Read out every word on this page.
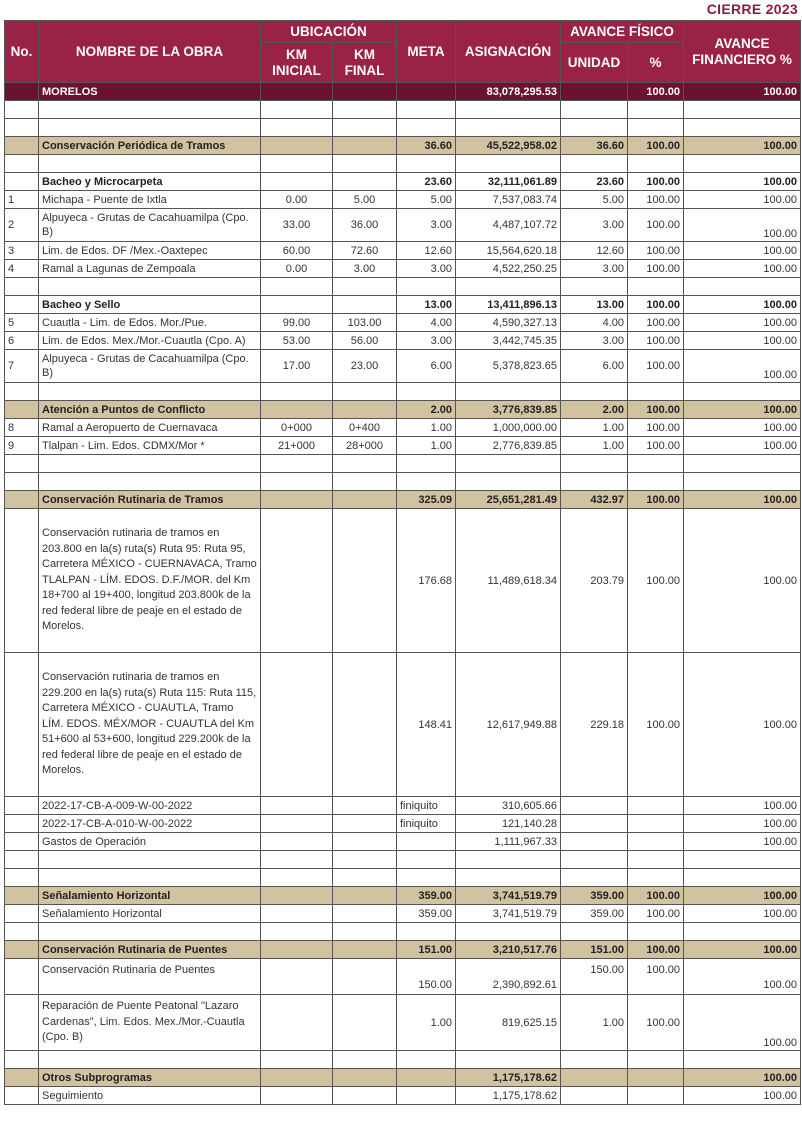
CIERRE 2023
No.	NOMBRE DE LA OBRA	UBICACIÓN		META	ASIGNACIÓN	AVANCE FÍSICO		AVANCE FINANCIERO %
		KM INICIAL	KM FINAL			UNIDAD	%	

	MORELOS				83,078,295.53		100.00	100.00

	Conservación Periódica de Tramos			36.60	45,522,958.02	36.60	100.00	100.00

	Bacheo y Microcarpeta			23.60	32,111,061.89	23.60	100.00	100.00
1	Michapa - Puente de Ixtla	0.00	5.00	5.00	7,537,083.74	5.00	100.00	100.00
2	Alpuyeca - Grutas de Cacahuamilpa (Cpo. B)	33.00	36.00	3.00	4,487,107.72	3.00	100.00	100.00
3	Lim. de Edos. DF /Mex.-Oaxtepec	60.00	72.60	12.60	15,564,620.18	12.60	100.00	100.00
4	Ramal a Lagunas de Zempoala	0.00	3.00	3.00	4,522,250.25	3.00	100.00	100.00

	Bacheo y Sello			13.00	13,411,896.13	13.00	100.00	100.00
5	Cuautla - Lim. de Edos. Mor./Pue.	99.00	103.00	4.00	4,590,327.13	4.00	100.00	100.00
6	Lim. de Edos. Mex./Mor.-Cuautla (Cpo. A)	53.00	56.00	3.00	3,442,745.35	3.00	100.00	100.00
7	Alpuyeca - Grutas de Cacahuamilpa (Cpo. B)	17.00	23.00	6.00	5,378,823.65	6.00	100.00	100.00

	Atención a Puntos de Conflicto			2.00	3,776,839.85	2.00	100.00	100.00
8	Ramal a Aeropuerto de Cuernavaca	0+000	0+400	1.00	1,000,000.00	1.00	100.00	100.00
9	Tlalpan - Lim. Edos. CDMX/Mor *	21+000	28+000	1.00	2,776,839.85	1.00	100.00	100.00

	Conservación Rutinaria de Tramos			325.09	25,651,281.49	432.97	100.00	100.00
	Conservación rutinaria de tramos en 203.800 en la(s) ruta(s) Ruta 95: Ruta 95, Carretera MÉXICO - CUERNAVACA, Tramo TLALPAN - LÍM. EDOS. D.F./MOR. del Km 18+700 al 19+400, longitud 203.800k de la red federal libre de peaje en el estado de Morelos.			176.68	11,489,618.34	203.79	100.00	100.00
	Conservación rutinaria de tramos en 229.200 en la(s) ruta(s) Ruta 115: Ruta 115, Carretera MÉXICO - CUAUTLA, Tramo LÍM. EDOS. MÉX/MOR - CUAUTLA del Km 51+600 al 53+600, longitud 229.200k de la red federal libre de peaje en el estado de Morelos.			148.41	12,617,949.88	229.18	100.00	100.00
	2022-17-CB-A-009-W-00-2022			finiquito	310,605.66			100.00
	2022-17-CB-A-010-W-00-2022			finiquito	121,140.28			100.00
	Gastos de Operación				1,111,967.33			100.00

	Señalamiento Horizontal			359.00	3,741,519.79	359.00	100.00	100.00
	Señalamiento Horizontal			359.00	3,741,519.79	359.00	100.00	100.00

	Conservación Rutinaria de Puentes			151.00	3,210,517.76	151.00	100.00	100.00
	Conservación Rutinaria de Puentes			150.00	2,390,892.61	150.00	100.00	100.00
	Reparación de Puente Peatonal "Lazaro Cardenas", Lim. Edos. Mex./Mor.-Cuautla (Cpo. B)			1.00	819,625.15	1.00	100.00	100.00

	Otros Subprogramas				1,175,178.62			100.00
	Seguimiento				1,175,178.62			100.00
